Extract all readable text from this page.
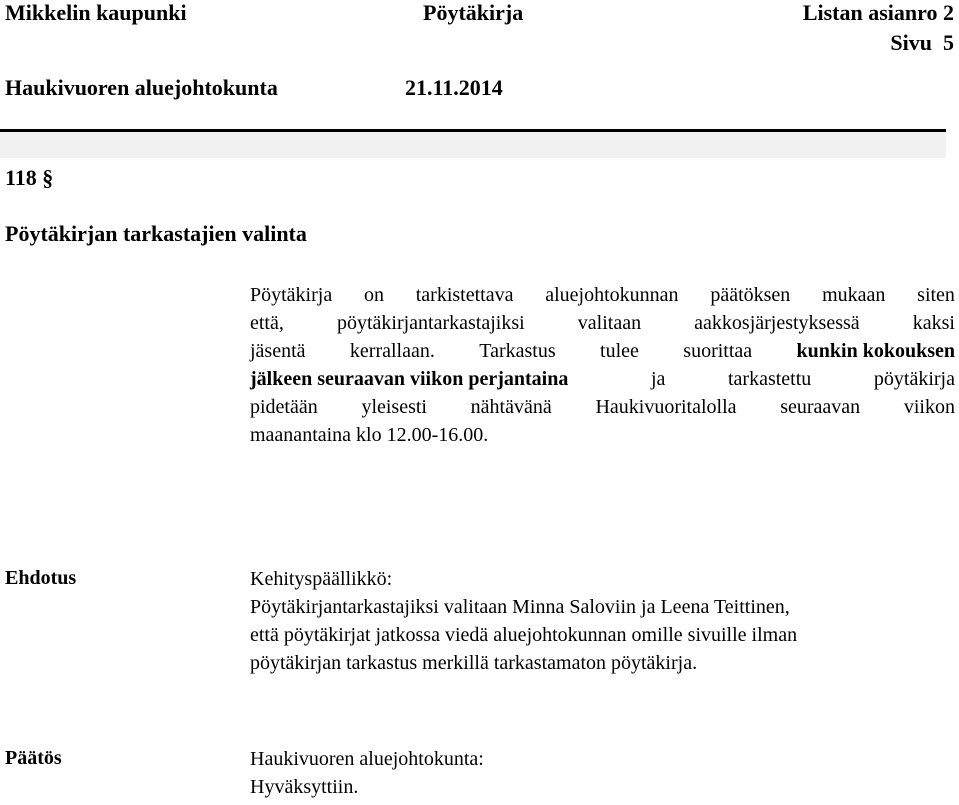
Mikkelin kaupunki	Pöytäkirja	Listan asianro 2
Sivu  5
Haukivuoren aluejohtokunta	21.11.2014
118 §
Pöytäkirjan tarkastajien valinta
Pöytäkirja on tarkistettava aluejohtokunnan päätöksen mukaan siten
että,	pöytäkirjantarkastajiksi	valitaan	aakkosjärjestyksessä	kaksi
jäsentä kerrallaan. Tarkastus tulee suorittaa kunkin kokouksen
jälkeen seuraavan viikon perjantaina	ja	tarkastettu	pöytäkirja
pidetään yleisesti nähtävänä Haukivuoritalolla seuraavan viikon
maanantaina klo 12.00-16.00.
Ehdotus	Kehityspäällikkö:
Pöytäkirjantarkastajiksi valitaan Minna Saloviin ja Leena Teittinen,
että pöytäkirjat jatkossa viedä aluejohtokunnan omille sivuille ilman
pöytäkirjan tarkastus merkillä tarkastamaton pöytäkirja.
Päätös	Haukivuoren aluejohtokunta:
Hyväksyttiin.
